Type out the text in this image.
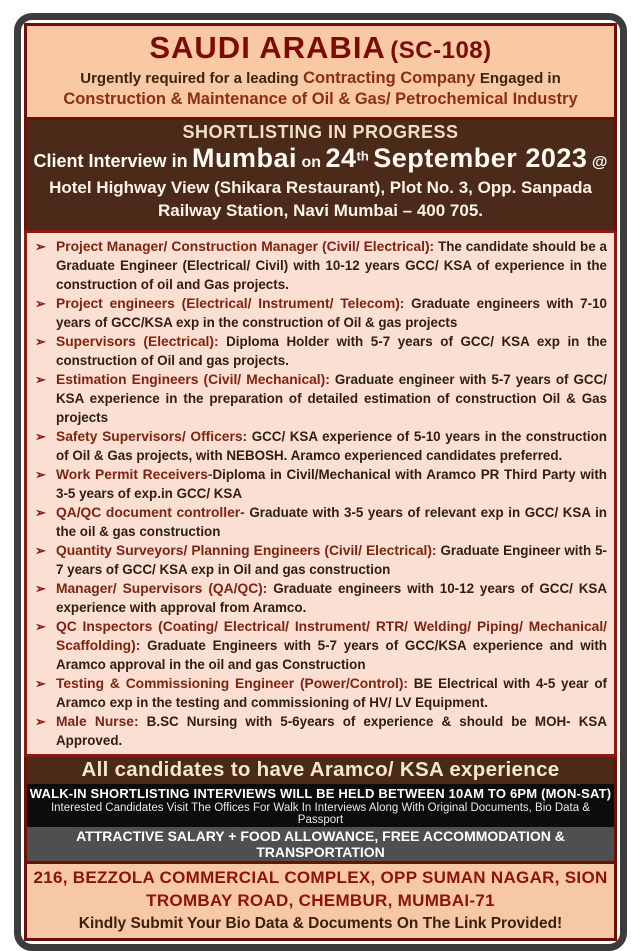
SAUDI ARABIA (SC-108)
Urgently required for a leading Contracting Company Engaged in Construction & Maintenance of Oil & Gas/ Petrochemical Industry
SHORTLISTING IN PROGRESS
Client Interview in Mumbai on 24th September 2023 @
Hotel Highway View (Shikara Restaurant), Plot No. 3, Opp. Sanpada
Railway Station, Navi Mumbai – 400 705.
➢ Project Manager/ Construction Manager (Civil/ Electrical): The candidate should be a Graduate Engineer (Electrical/ Civil) with 10-12 years GCC/ KSA of experience in the construction of oil and Gas projects.
➢ Project engineers (Electrical/ Instrument/ Telecom): Graduate engineers with 7-10 years of GCC/KSA exp in the construction of Oil & gas projects
➢ Supervisors (Electrical): Diploma Holder with 5-7 years of GCC/ KSA exp in the construction of Oil and gas projects.
➢ Estimation Engineers (Civil/ Mechanical): Graduate engineer with 5-7 years of GCC/ KSA experience in the preparation of detailed estimation of construction Oil & Gas projects
➢ Safety Supervisors/ Officers: GCC/ KSA experience of 5-10 years in the construction of Oil & Gas projects, with NEBOSH. Aramco experienced candidates preferred.
➢ Work Permit Receivers-Diploma in Civil/Mechanical with Aramco PR Third Party with 3-5 years of exp.in GCC/ KSA
➢ QA/QC document controller- Graduate with 3-5 years of relevant exp in GCC/ KSA in the oil & gas construction
➢ Quantity Surveyors/ Planning Engineers (Civil/ Electrical): Graduate Engineer with 5-7 years of GCC/ KSA exp in Oil and gas construction
➢ Manager/ Supervisors (QA/QC): Graduate engineers with 10-12 years of GCC/ KSA experience with approval from Aramco.
➢ QC Inspectors (Coating/ Electrical/ Instrument/ RTR/ Welding/ Piping/ Mechanical/ Scaffolding): Graduate Engineers with 5-7 years of GCC/KSA experience and with Aramco approval in the oil and gas Construction
➢ Testing & Commissioning Engineer (Power/Control): BE Electrical with 4-5 year of Aramco exp in the testing and commissioning of HV/ LV Equipment.
➢ Male Nurse: B.SC Nursing with 5-6years of experience & should be MOH- KSA Approved.
All candidates to have Aramco/ KSA experience
WALK-IN SHORTLISTING INTERVIEWS WILL BE HELD BETWEEN 10AM TO 6PM (MON-SAT)
Interested Candidates Visit The Offices For Walk In Interviews Along With Original Documents, Bio Data & Passport
ATTRACTIVE SALARY + FOOD ALLOWANCE, FREE ACCOMMODATION & TRANSPORTATION
216, BEZZOLA COMMERCIAL COMPLEX, OPP SUMAN NAGAR, SION
TROMBAY ROAD, CHEMBUR, MUMBAI-71
Kindly Submit Your Bio Data & Documents On The Link Provided!
